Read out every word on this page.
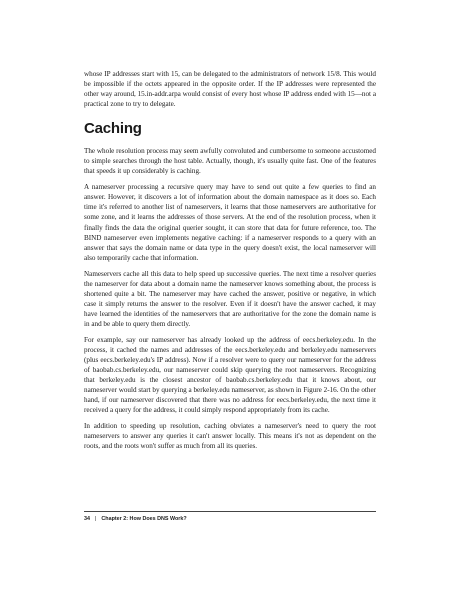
whose IP addresses start with 15, can be delegated to the administrators of network 15/8. This would be impossible if the octets appeared in the opposite order. If the IP addresses were represented the other way around, 15.in-addr.arpa would consist of every host whose IP address ended with 15—not a practical zone to try to delegate.

Caching

The whole resolution process may seem awfully convoluted and cumbersome to someone accustomed to simple searches through the host table. Actually, though, it's usually quite fast. One of the features that speeds it up considerably is caching.

A nameserver processing a recursive query may have to send out quite a few queries to find an answer. However, it discovers a lot of information about the domain namespace as it does so. Each time it's referred to another list of nameservers, it learns that those nameservers are authoritative for some zone, and it learns the addresses of those servers. At the end of the resolution process, when it finally finds the data the original querier sought, it can store that data for future reference, too. The BIND nameserver even implements negative caching: if a nameserver responds to a query with an answer that says the domain name or data type in the query doesn't exist, the local nameserver will also temporarily cache that information.

Nameservers cache all this data to help speed up successive queries. The next time a resolver queries the nameserver for data about a domain name the nameserver knows something about, the process is shortened quite a bit. The nameserver may have cached the answer, positive or negative, in which case it simply returns the answer to the resolver. Even if it doesn't have the answer cached, it may have learned the identities of the nameservers that are authoritative for the zone the domain name is in and be able to query them directly.

For example, say our nameserver has already looked up the address of eecs.berkeley.edu. In the process, it cached the names and addresses of the eecs.berkeley.edu and berkeley.edu nameservers (plus eecs.berkeley.edu's IP address). Now if a resolver were to query our nameserver for the address of baobab.cs.berkeley.edu, our nameserver could skip querying the root nameservers. Recognizing that berkeley.edu is the closest ancestor of baobab.cs.berkeley.edu that it knows about, our nameserver would start by querying a berkeley.edu nameserver, as shown in Figure 2-16. On the other hand, if our nameserver discovered that there was no address for eecs.berkeley.edu, the next time it received a query for the address, it could simply respond appropriately from its cache.

In addition to speeding up resolution, caching obviates a nameserver's need to query the root nameservers to answer any queries it can't answer locally. This means it's not as dependent on the roots, and the roots won't suffer as much from all its queries.

34 | Chapter 2: How Does DNS Work?
